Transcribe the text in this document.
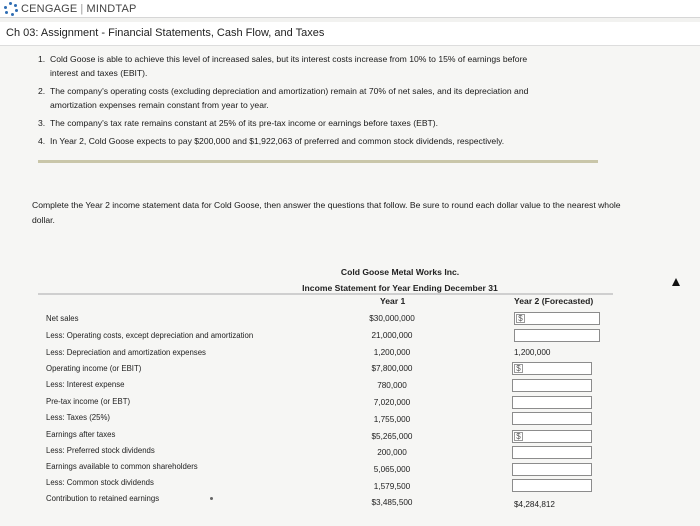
CENGAGE | MINDTAP
Ch 03: Assignment - Financial Statements, Cash Flow, and Taxes
1. Cold Goose is able to achieve this level of increased sales, but its interest costs increase from 10% to 15% of earnings before
interest and taxes (EBIT).
2. The company's operating costs (excluding depreciation and amortization) remain at 70% of net sales, and its depreciation and
amortization expenses remain constant from year to year.
3. The company's tax rate remains constant at 25% of its pre-tax income or earnings before taxes (EBT).
4. In Year 2, Cold Goose expects to pay $200,000 and $1,922,063 of preferred and common stock dividends, respectively.
Complete the Year 2 income statement data for Cold Goose, then answer the questions that follow. Be sure to round each dollar value to the nearest whole dollar.
Cold Goose Metal Works Inc.
Income Statement for Year Ending December 31
Year 1	Year 2 (Forecasted)
Net sales	$30,000,000	$
Less: Operating costs, except depreciation and amortization	21,000,000
Less: Depreciation and amortization expenses	1,200,000	1,200,000
Operating income (or EBIT)	$7,800,000	$
Less: Interest expense	780,000
Pre-tax income (or EBT)	7,020,000
Less: Taxes (25%)	1,755,000
Earnings after taxes	$5,265,000	$
Less: Preferred stock dividends	200,000
Earnings available to common shareholders	5,065,000
Less: Common stock dividends	1,579,500
Contribution to retained earnings	$3,485,500	$4,284,812
